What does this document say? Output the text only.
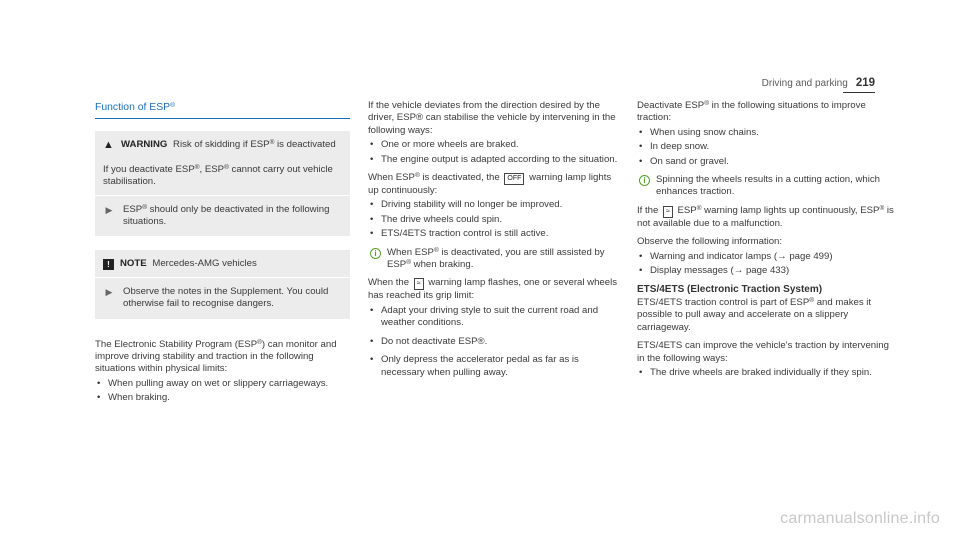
Driving and parking 219
Function of ESP®
▲ WARNING Risk of skidding if ESP® is deactivated
If you deactivate ESP®, ESP® cannot carry out vehicle stabilisation.
▶ ESP® should only be deactivated in the following situations.
!	NOTE Mercedes-AMG vehicles
▶ Observe the notes in the Supplement. You could otherwise fail to recognise dangers.

The Electronic Stability Program (ESP®) can monitor and improve driving stability and traction in the following situations within physical limits:

• When pulling away on wet or slippery carriageways.
• When braking.

If the vehicle deviates from the direction desired by the driver, ESP® can stabilise the vehicle by intervening in the following ways:

• One or more wheels are braked.
• The engine output is adapted according to the situation.

When ESP® is deactivated, the OFF warning lamp lights up continuously:

• Driving stability will no longer be improved.
• The drive wheels could spin.
• ETS/4ETS traction control is still active.
i	When ESP® is deactivated, you are still assisted by ESP® when braking.

When the ≈ warning lamp flashes, one or several wheels has reached its grip limit:

• Adapt your driving style to suit the current road and weather conditions.
• Do not deactivate ESP®.
• Only depress the accelerator pedal as far as is necessary when pulling away.

Deactivate ESP® in the following situations to improve traction:

• When using snow chains.
• In deep snow.
• On sand or gravel.
i	Spinning the wheels results in a cutting action, which enhances traction.

If the ≈ ESP® warning lamp lights up continuously, ESP® is not available due to a malfunction.

Observe the following information:

• Warning and indicator lamps (→ page 499)
• Display messages (→ page 433)
ETS/4ETS (Electronic Traction System)

ETS/4ETS traction control is part of ESP® and makes it possible to pull away and accelerate on a slippery carriageway.

ETS/4ETS can improve the vehicle's traction by intervening in the following ways:

• The drive wheels are braked individually if they spin.
carmanualsonline.info
